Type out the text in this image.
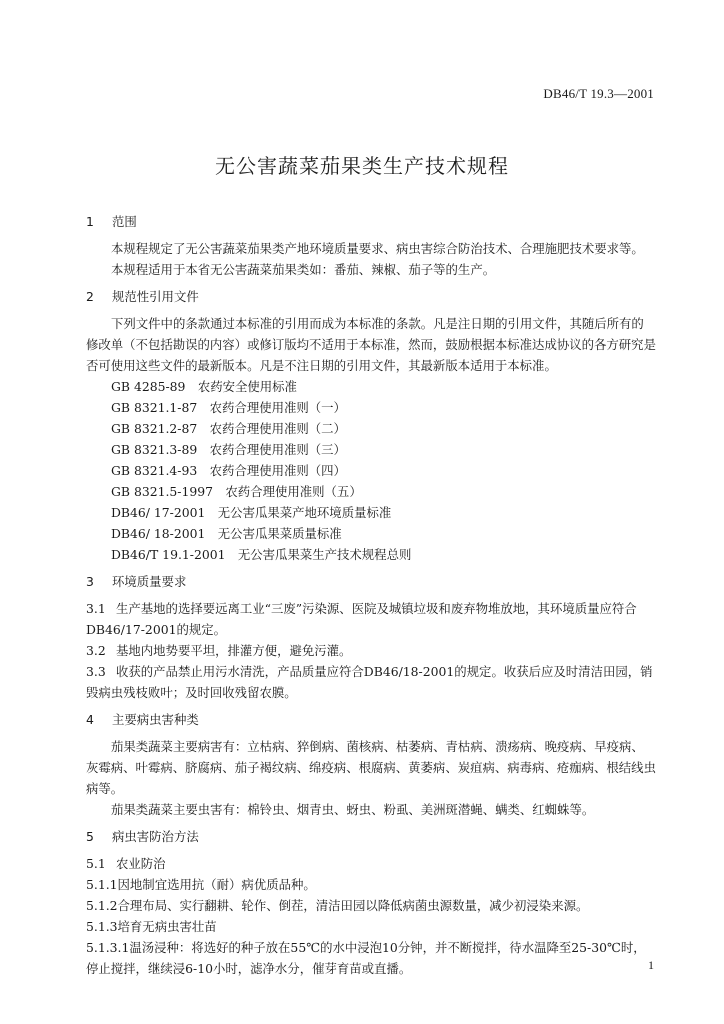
DB46/T 19.3—2001
无公害蔬菜茄果类生产技术规程
1 范围

本规程规定了无公害蔬菜茄果类产地环境质量要求、病虫害综合防治技术、合理施肥技术要求等。

本规程适用于本省无公害蔬菜茄果类如：番茄、辣椒、茄子等的生产。

2 规范性引用文件

下列文件中的条款通过本标准的引用而成为本标准的条款。凡是注日期的引用文件，其随后所有的修改单（不包括勘误的内容）或修订版均不适用于本标准，然而，鼓励根据本标准达成协议的各方研究是否可使用这些文件的最新版本。凡是不注日期的引用文件，其最新版本适用于本标准。

GB 4285-89　农药安全使用标准

GB 8321.1-87　农药合理使用准则（一）

GB 8321.2-87　农药合理使用准则（二）

GB 8321.3-89　农药合理使用准则（三）

GB 8321.4-93　农药合理使用准则（四）

GB 8321.5-1997　农药合理使用准则（五）

DB46/ 17-2001　无公害瓜果菜产地环境质量标准

DB46/ 18-2001　无公害瓜果菜质量标准

DB46/T 19.1-2001　无公害瓜果菜生产技术规程总则

3 环境质量要求

3.1 生产基地的选择要远离工业“三废”污染源、医院及城镇垃圾和废弃物堆放地，其环境质量应符合DB46/17-2001的规定。

3.2 基地内地势要平坦，排灌方便，避免污灌。

3.3 收获的产品禁止用污水清洗，产品质量应符合DB46/18-2001的规定。收获后应及时清洁田园，销毁病虫残枝败叶；及时回收残留农膜。

4 主要病虫害种类

茄果类蔬菜主要病害有：立枯病、猝倒病、菌核病、枯萎病、青枯病、溃疡病、晚疫病、早疫病、灰霉病、叶霉病、脐腐病、茄子褐纹病、绵疫病、根腐病、黄萎病、炭疽病、病毒病、疮痂病、根结线虫病等。

茄果类蔬菜主要虫害有：棉铃虫、烟青虫、蚜虫、粉虱、美洲斑潜蝇、螨类、红蜘蛛等。

5 病虫害防治方法

5.1 农业防治

5.1.1因地制宜选用抗（耐）病优质品种。

5.1.2合理布局、实行翻耕、轮作、倒茬，清洁田园以降低病菌虫源数量，减少初浸染来源。

5.1.3培育无病虫害壮苗

5.1.3.1温汤浸种：将选好的种子放在55℃的水中浸泡10分钟，并不断搅拌，待水温降至25-30℃时，停止搅拌，继续浸6-10小时，滤净水分，催芽育苗或直播。	1
